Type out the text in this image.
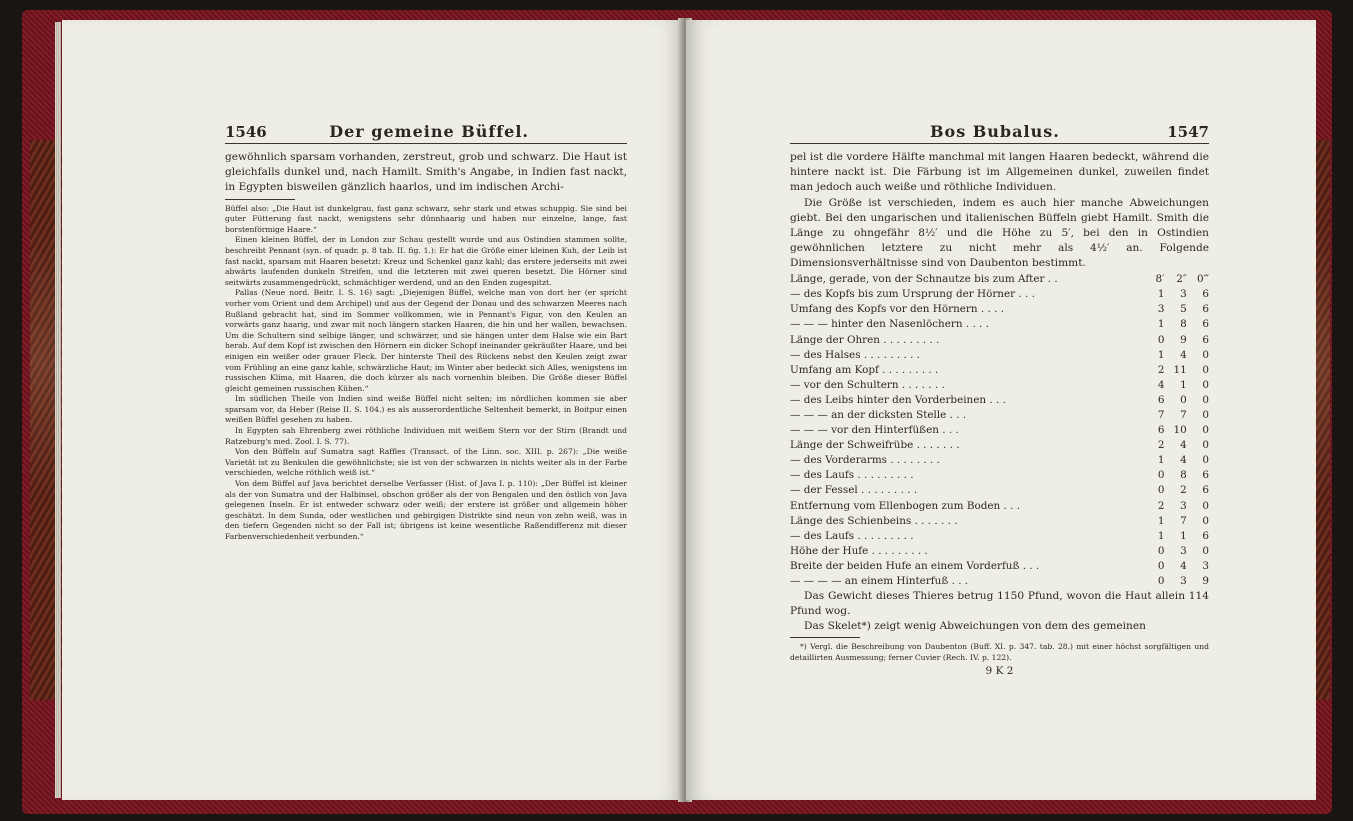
1546	Der gemeine Büffel.

gewöhnlich sparsam vorhanden, zerstreut, grob und schwarz. Die Haut ist gleichfalls dunkel und, nach Hamilt. Smith's Angabe, in Indien fast nackt, in Egypten bisweilen gänzlich haarlos, und im indischen Archi-

Büffel also: „Die Haut ist dunkelgrau, fast ganz schwarz, sehr stark und etwas schuppig. Sie sind bei guter Fütterung fast nackt, wenigstens sehr dünnhaarig und haben nur einzelne, lange, fast borstenförmige Haare.“

Einen kleinen Büffel, der in London zur Schau gestellt wurde und aus Ostindien stammen sollte, beschreibt Pennant (syn. of quadr. p. 8 tab. II. fig. 1.): Er hat die Größe einer kleinen Kuh, der Leib ist fast nackt, sparsam mit Haaren besetzt: Kreuz und Schenkel ganz kahl; das erstere jederseits mit zwei abwärts laufenden dunkeln Streifen, und die letzteren mit zwei queren besetzt. Die Hörner sind seitwärts zusammengedrückt, schmächtiger werdend, und an den Enden zugespitzt.

Pallas (Neue nord. Beitr. I. S. 16) sagt: „Diejenigen Büffel, welche man von dort her (er spricht vorher vom Orient und dem Archipel) und aus der Gegend der Donau und des schwarzen Meeres nach Rußland gebracht hat, sind im Sommer vollkommen, wie in Pennant's Figur, von den Keulen an vorwärts ganz haarig, und zwar mit noch längern starken Haaren, die hin und her wallen, bewachsen. Um die Schultern sind selbige länger, und schwärzer, und sie hängen unter dem Halse wie ein Bart herab. Auf dem Kopf ist zwischen den Hörnern ein dicker Schopf ineinander gekräußter Haare, und bei einigen ein weißer oder grauer Fleck. Der hinterste Theil des Rückens nebst den Keulen zeigt zwar vom Frühling an eine ganz kahle, schwärzliche Haut; im Winter aber bedeckt sich Alles, wenigstens im russischen Klima, mit Haaren, die doch kürzer als nach vornenhin bleiben. Die Größe dieser Büffel gleicht gemeinen russischen Kühen.“

Im südlichen Theile von Indien sind weiße Büffel nicht selten; im nördlichen kommen sie aber sparsam vor, da Heber (Reise II. S. 104.) es als ausserordentliche Seltenheit bemerkt, in Boitpur einen weißen Büffel gesehen zu haben.

In Egypten sah Ehrenberg zwei röthliche Individuen mit weißem Stern vor der Stirn (Brandt und Ratzeburg's med. Zool. I. S. 77).

Von den Büffeln auf Sumatra sagt Raffles (Transact. of the Linn. soc. XIII. p. 267): „Die weiße Varietät ist zu Benkulen die gewöhnlichste; sie ist von der schwarzen in nichts weiter als in der Farbe verschieden, welche röthlich weiß ist.“

Von dem Büffel auf Java berichtet derselbe Verfasser (Hist. of Java I. p. 110): „Der Büffel ist kleiner als der von Sumatra und der Halbinsel, obschon größer als der von Bengalen und den östlich von Java gelegenen Inseln. Er ist entweder schwarz oder weiß; der erstere ist größer und allgemein höher geschätzt. In dem Sunda, oder westlichen und gebirgigen Distrikte sind neun von zehn weiß, was in den tiefern Gegenden nicht so der Fall ist; übrigens ist keine wesentliche Raßendifferenz mit dieser Farbenverschiedenheit verbunden.“

Bos Bubalus.	1547

pel ist die vordere Hälfte manchmal mit langen Haaren bedeckt, während die hintere nackt ist. Die Färbung ist im Allgemeinen dunkel, zuweilen findet man jedoch auch weiße und röthliche Individuen.

Die Größe ist verschieden, indem es auch hier manche Abweichungen giebt. Bei den ungarischen und italienischen Büffeln giebt Hamilt. Smith die Länge zu ohngefähr 8½′ und die Höhe zu 5′, bei den in Ostindien gewöhnlichen letztere zu nicht mehr als 4½′ an. Folgende Dimensionsverhältnisse sind von Daubenton bestimmt.

Länge, gerade, von der Schnautze bis zum After . .	8′	2″	0‴
— des Kopfs bis zum Ursprung der Hörner . . .	1	3	6
Umfang des Kopfs vor den Hörnern . . . .	3	5	6
— — — hinter den Nasenlöchern . . . .	1	8	6
Länge der Ohren . . . . . . . . .	0	9	6
— des Halses . . . . . . . . .	1	4	0
Umfang am Kopf . . . . . . . . .	2	11	0
— vor den Schultern . . . . . . .	4	1	0
— des Leibs hinter den Vorderbeinen . . .	6	0	0
— — — an der dicksten Stelle . . .	7	7	0
— — — vor den Hinterfüßen . . .	6	10	0
Länge der Schweifrübe . . . . . . .	2	4	0
— des Vorderarms . . . . . . . .	1	4	0
— des Laufs . . . . . . . . .	0	8	6
— der Fessel . . . . . . . . .	0	2	6
Entfernung vom Ellenbogen zum Boden . . .	2	3	0
Länge des Schienbeins . . . . . . .	1	7	0
— des Laufs . . . . . . . . .	1	1	6
Höhe der Hufe . . . . . . . . .	0	3	0
Breite der beiden Hufe an einem Vorderfuß . . .	0	4	3
— — — — an einem Hinterfuß . . .	0	3	9

Das Gewicht dieses Thieres betrug 1150 Pfund, wovon die Haut allein 114 Pfund wog.

Das Skelet*) zeigt wenig Abweichungen von dem des gemeinen

*) Vergl. die Beschreibung von Daubenton (Buff. XI. p. 347. tab. 28.) mit einer höchst sorgfältigen und detaillirten Ausmessung; ferner Cuvier (Rech. IV. p. 122).

9 K 2
